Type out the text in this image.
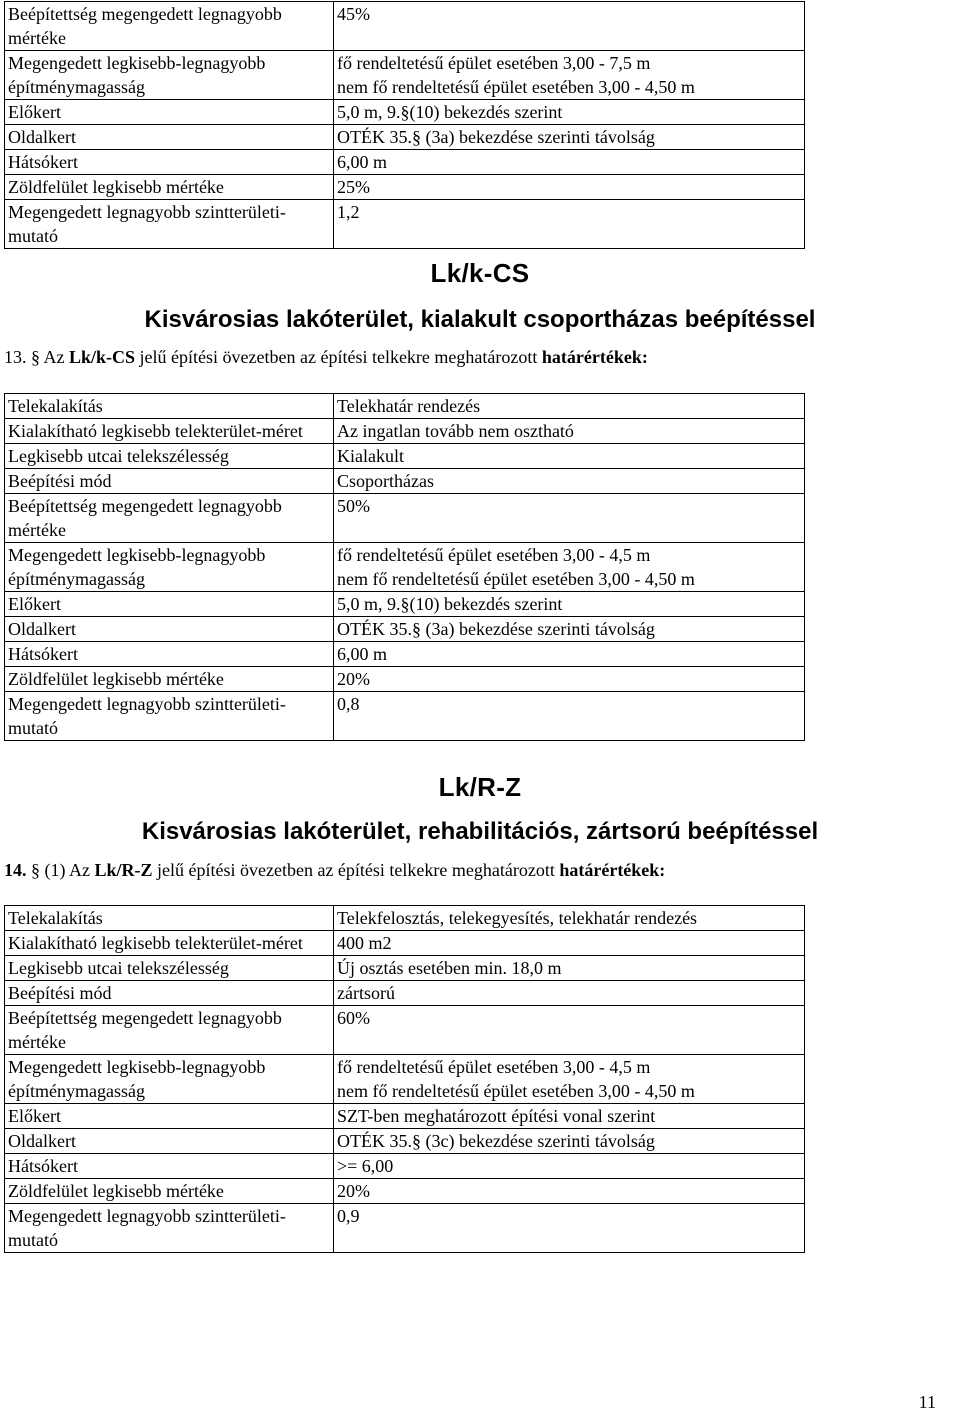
Beépítettség megengedett legnagyobb mértéke	45%

Megengedett legkisebb-legnagyobb építménymagasság	fő rendeltetésű épület esetében 3,00 - 7,5 m
nem fő rendeltetésű épület esetében 3,00 - 4,50 m

Előkert	5,0 m, 9.§(10) bekezdés szerint

Oldalkert	OTÉK 35.§ (3a) bekezdése szerinti távolság

Hátsókert	6,00 m

Zöldfelület legkisebb mértéke	25%

Megengedett legnagyobb szintterületi-mutató	1,2
Lk/k-CS
Kisvárosias lakóterület, kialakult csoportházas beépítéssel
13. § Az Lk/k-CS jelű építési övezetben az építési telkekre meghatározott határértékek:
Telekalakítás	Telekhatár rendezés

Kialakítható legkisebb telekterület-méret	Az ingatlan tovább nem osztható

Legkisebb utcai telekszélesség	Kialakult

Beépítési mód	Csoportházas

Beépítettség megengedett legnagyobb mértéke	50%

Megengedett legkisebb-legnagyobb építménymagasság	fő rendeltetésű épület esetében 3,00 - 4,5 m
nem fő rendeltetésű épület esetében 3,00 - 4,50 m

Előkert	5,0 m, 9.§(10) bekezdés szerint

Oldalkert	OTÉK 35.§ (3a) bekezdése szerinti távolság

Hátsókert	6,00 m

Zöldfelület legkisebb mértéke	20%

Megengedett legnagyobb szintterületi-mutató	0,8
Lk/R-Z
Kisvárosias lakóterület, rehabilitációs, zártsorú beépítéssel
14. § (1) Az Lk/R-Z jelű építési övezetben az építési telkekre meghatározott határértékek:
Telekalakítás	Telekfelosztás, telekegyesítés, telekhatár rendezés

Kialakítható legkisebb telekterület-méret	400 m2

Legkisebb utcai telekszélesség	Új osztás esetében min. 18,0 m

Beépítési mód	zártsorú

Beépítettség megengedett legnagyobb mértéke	60%

Megengedett legkisebb-legnagyobb építménymagasság	fő rendeltetésű épület esetében 3,00 - 4,5 m
nem fő rendeltetésű épület esetében 3,00 - 4,50 m

Előkert	SZT-ben meghatározott építési vonal szerint

Oldalkert	OTÉK 35.§ (3c) bekezdése szerinti távolság

Hátsókert	>= 6,00

Zöldfelület legkisebb mértéke	20%

Megengedett legnagyobb szintterületi-mutató	0,9
11
